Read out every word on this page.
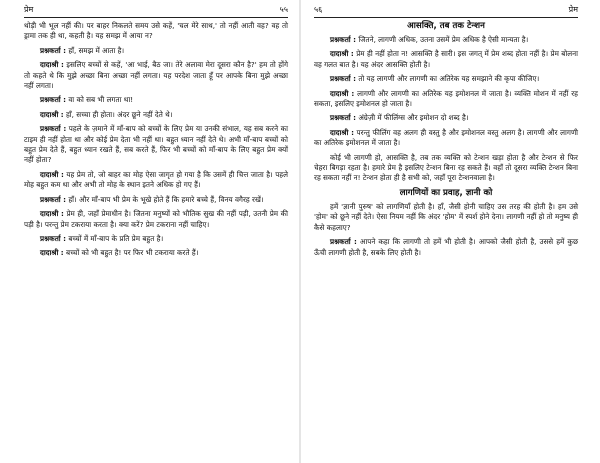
प्रेम	५५

थोड़ी भी भूल नहीं की। पर बाहर निकलते समय उसे कहें, 'चल मेरे साथ,' तो नहीं आती वह? वह तो ड्रामा तक ही था, कहती है। यह समझ में आया न?

प्रश्नकर्ता : हाँ, समझ में आता है।

दादाश्री : इसलिए बच्चों से कहें, 'आ भाई, बैठ जा। तेरे अलावा मेरा दूसरा कौन है?' हम तो होंगे तो कहते थे कि मुझे अच्छा बिना अच्छा नहीं लगता। यह परदेश जाता हूँ पर आपके बिना मुझे अच्छा नहीं लगता।

प्रश्नकर्ता : वा को सब भी लगता था!

दादाश्री : हाँ, सच्चा ही होता। अंदर छूने नहीं देते थे।

प्रश्नकर्ता : पहले के ज़माने में माँ-बाप को बच्चों के लिए प्रेम या उनकी संभाल, यह सब करने का टाइम ही नहीं होता था और कोई प्रेम देता भी नहीं था। बहुत ध्यान नहीं देते थे। अभी माँ-बाप बच्चों को बहुत प्रेम देते हैं, बहुत ध्यान रखते हैं, सब करते हैं, फिर भी बच्चों को माँ-बाप के लिए बहुत प्रेम क्यों नहीं होता?

दादाश्री : यह प्रेम तो, जो बाहर का मोह ऐसा जागृत हो गया है कि उसमें ही चित्त जाता है। पहले मोह बहुत कम था और अभी तो मोह के स्थान इतने अधिक हो गए हैं।

प्रश्नकर्ता : हाँ। और माँ-बाप भी प्रेम के भूखे होते हैं कि हमारे बच्चे हैं, विनय वगैरह रखें।

दादाश्री : प्रेम ही, जहाँ प्रेमाधीन है। जितना मनुष्यों को भौतिक सुख की नहीं पड़ी, उतनी प्रेम की पड़ी है। परन्तु प्रेम टकराया करता है। क्या करें? प्रेम टकराना नहीं चाहिए।

प्रश्नकर्ता : बच्चों में माँ-बाप के प्रति प्रेम बहुत है।

दादाश्री : बच्चों को भी बहुत है! पर फिर भी टकराया करते हैं।

५६	प्रेम
आसक्ति, तब तक टेन्शन

प्रश्नकर्ता : जितने, लागणी अधिक, उतना उसमें प्रेम अधिक है ऐसी मान्यता है।

दादाश्री : प्रेम ही नहीं होता न! आसक्ति है सारी। इस जगत् में प्रेम शब्द होता नहीं है। प्रेम बोलना वह गलत बात है। यह अंदर आसक्ति होती है।

प्रश्नकर्ता : तो यह लागणी और लागणी का अतिरेक यह समझाने की कृपा कीजिए।

दादाश्री : लागणी और लागणी का अतिरेक यह इमोशनल में जाता है। व्यक्ति मोशन में नहीं रह सकता, इसलिए इमोशनल हो जाता है।

प्रश्नकर्ता : अंग्रेज़ी में फीलिंग्स और इमोशन दो शब्द है।

दादाश्री : परन्तु फीलिंग वह अलग ही वस्तु है और इमोशनल वस्तु अलग है। लागणी और लागणी का अतिरेक इमोशनल में जाता है।

कोई भी लागणी हो, आसक्ति है, तब तक व्यक्ति को टेन्शन खड़ा होता है और टेन्शन से फिर चेहरा बिगड़ा रहता है। हमारे प्रेम है इसलिए टेन्शन बिना रह सकते हैं। वहाँ तो दूसरा व्यक्ति टेन्शन बिना रह सकता नहीं न! टेन्शन होता ही है सभी को, जहाँ पूरा टेन्शनवाला है।

लागणियों का प्रवाह, ज्ञानी को

हमें 'ज्ञानी पुरुष' को लागणियाँ होती है। हाँ, जैसी होनी चाहिए उस तरह की होती है। हम उसे 'होम' को छूने नहीं देते। ऐसा नियम नहीं कि अंदर 'होम' में स्पर्श होने देना। लागणी नहीं हो तो मनुष्य ही कैसे कहलाए?

प्रश्नकर्ता : आपने कहा कि लागणी तो हमें भी होती है। आपको जैसी होती है, उससे हमें कुछ ऊँची लागणी होती है, सबके लिए होती है।
